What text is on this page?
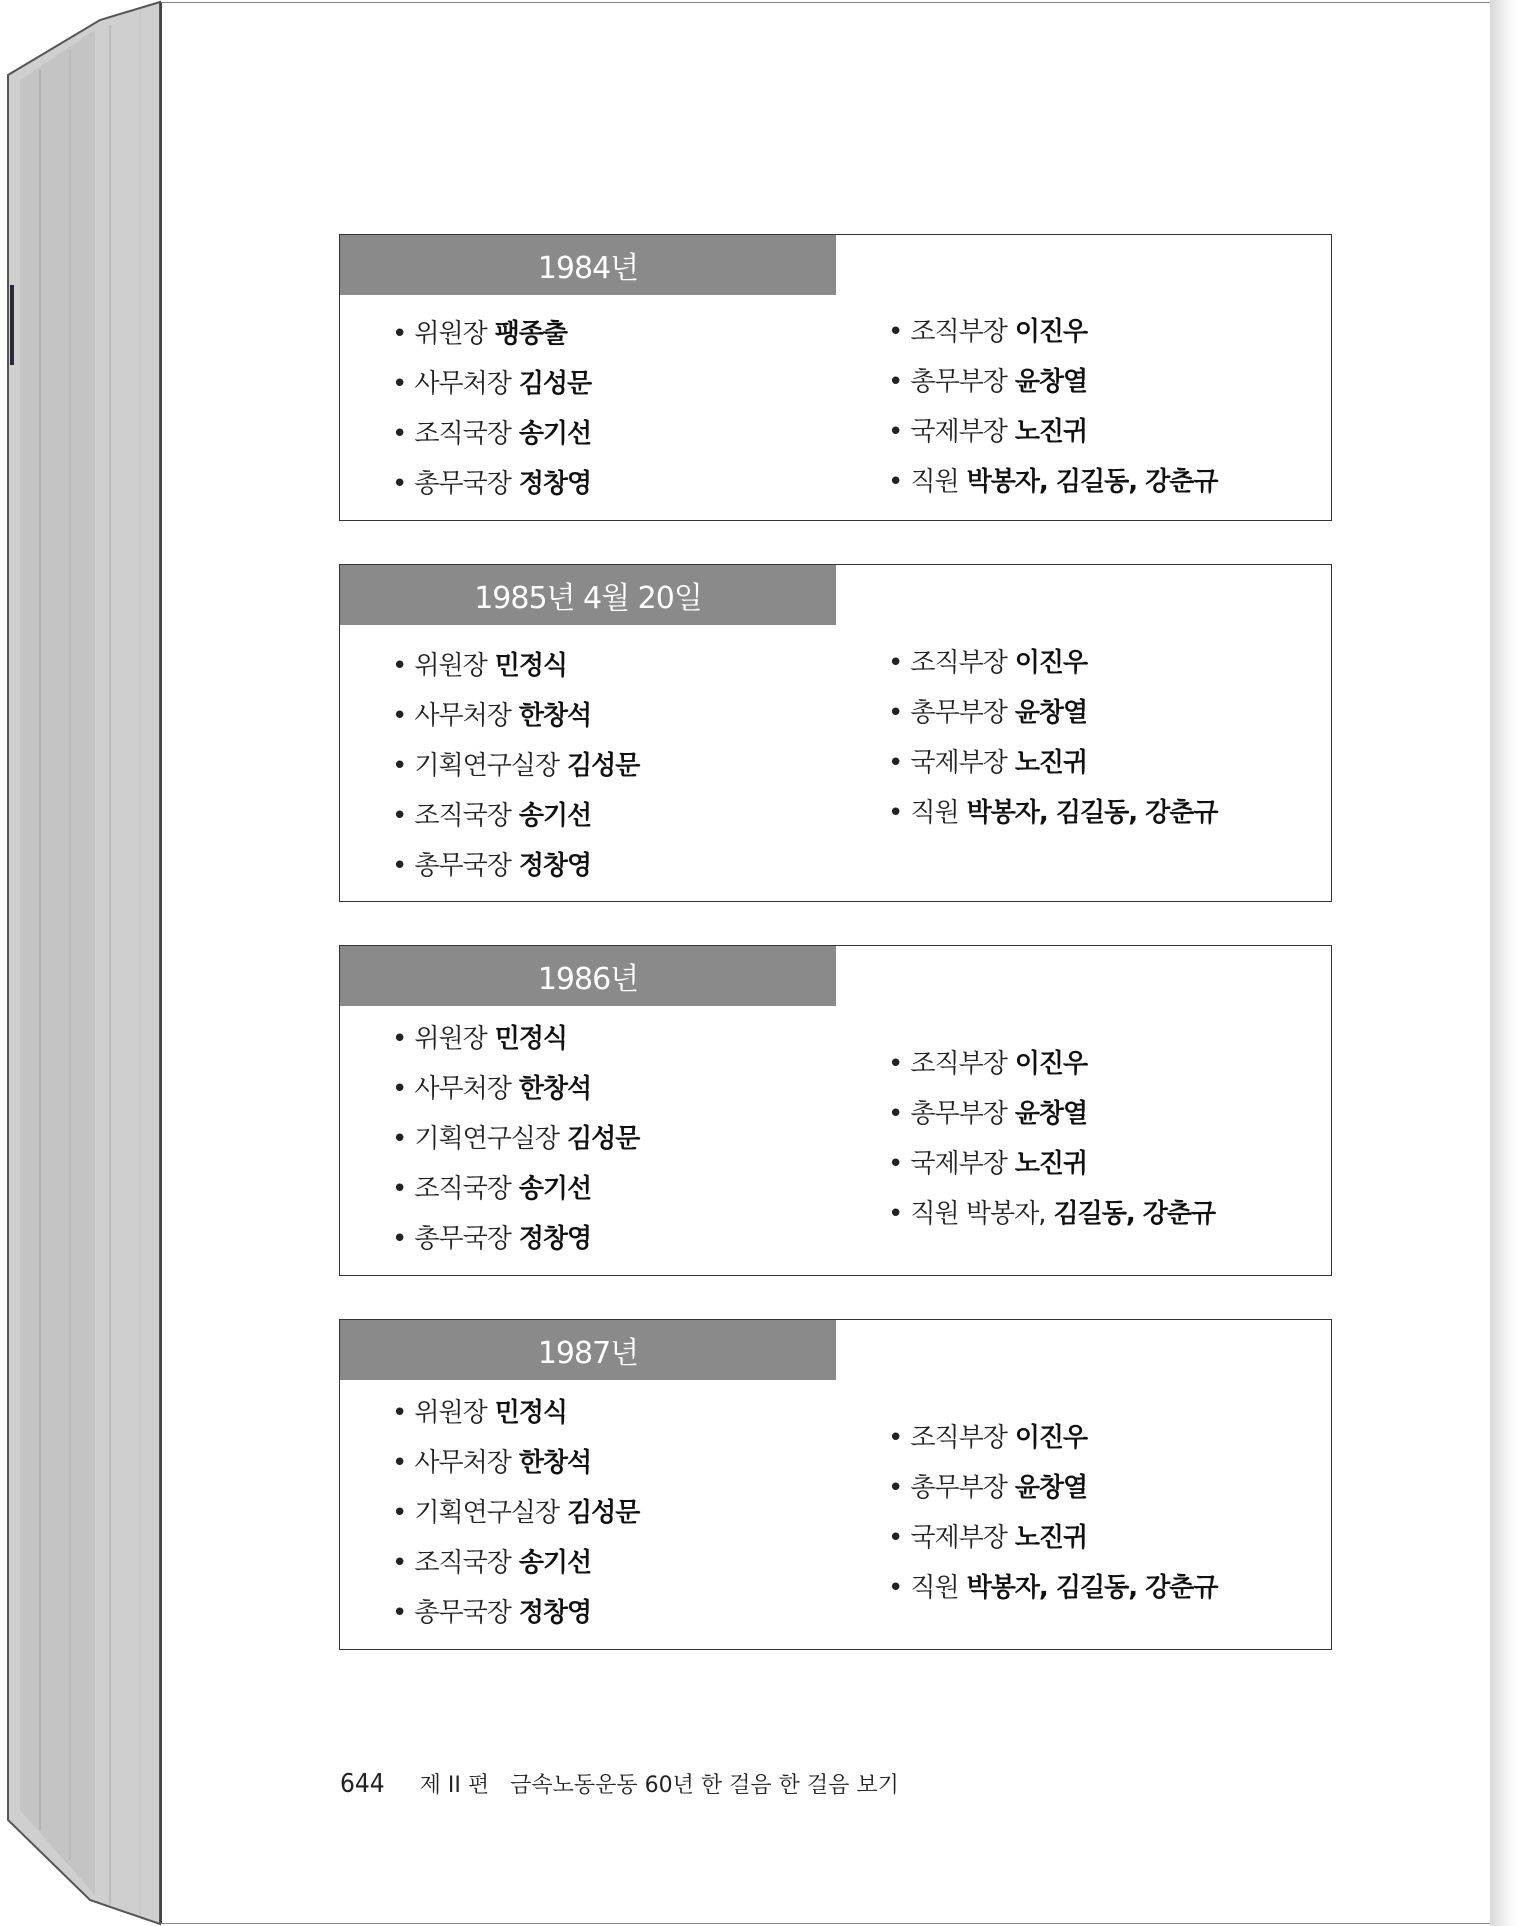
1984년
• 위원장 팽종출
• 사무처장 김성문
• 조직국장 송기선
• 총무국장 정창영
• 조직부장 이진우
• 총무부장 윤창열
• 국제부장 노진귀
• 직원 박봉자, 김길동, 강춘규
1985년 4월 20일
• 위원장 민정식
• 사무처장 한창석
• 기획연구실장 김성문
• 조직국장 송기선
• 총무국장 정창영
• 조직부장 이진우
• 총무부장 윤창열
• 국제부장 노진귀
• 직원 박봉자, 김길동, 강춘규
1986년
• 위원장 민정식
• 사무처장 한창석
• 기획연구실장 김성문
• 조직국장 송기선
• 총무국장 정창영
• 조직부장 이진우
• 총무부장 윤창열
• 국제부장 노진귀
• 직원 박봉자, 김길동, 강춘규
1987년
• 위원장 민정식
• 사무처장 한창석
• 기획연구실장 김성문
• 조직국장 송기선
• 총무국장 정창영
• 조직부장 이진우
• 총무부장 윤창열
• 국제부장 노진귀
• 직원 박봉자, 김길동, 강춘규
644 제 II 편 금속노동운동 60년 한 걸음 한 걸음 보기
